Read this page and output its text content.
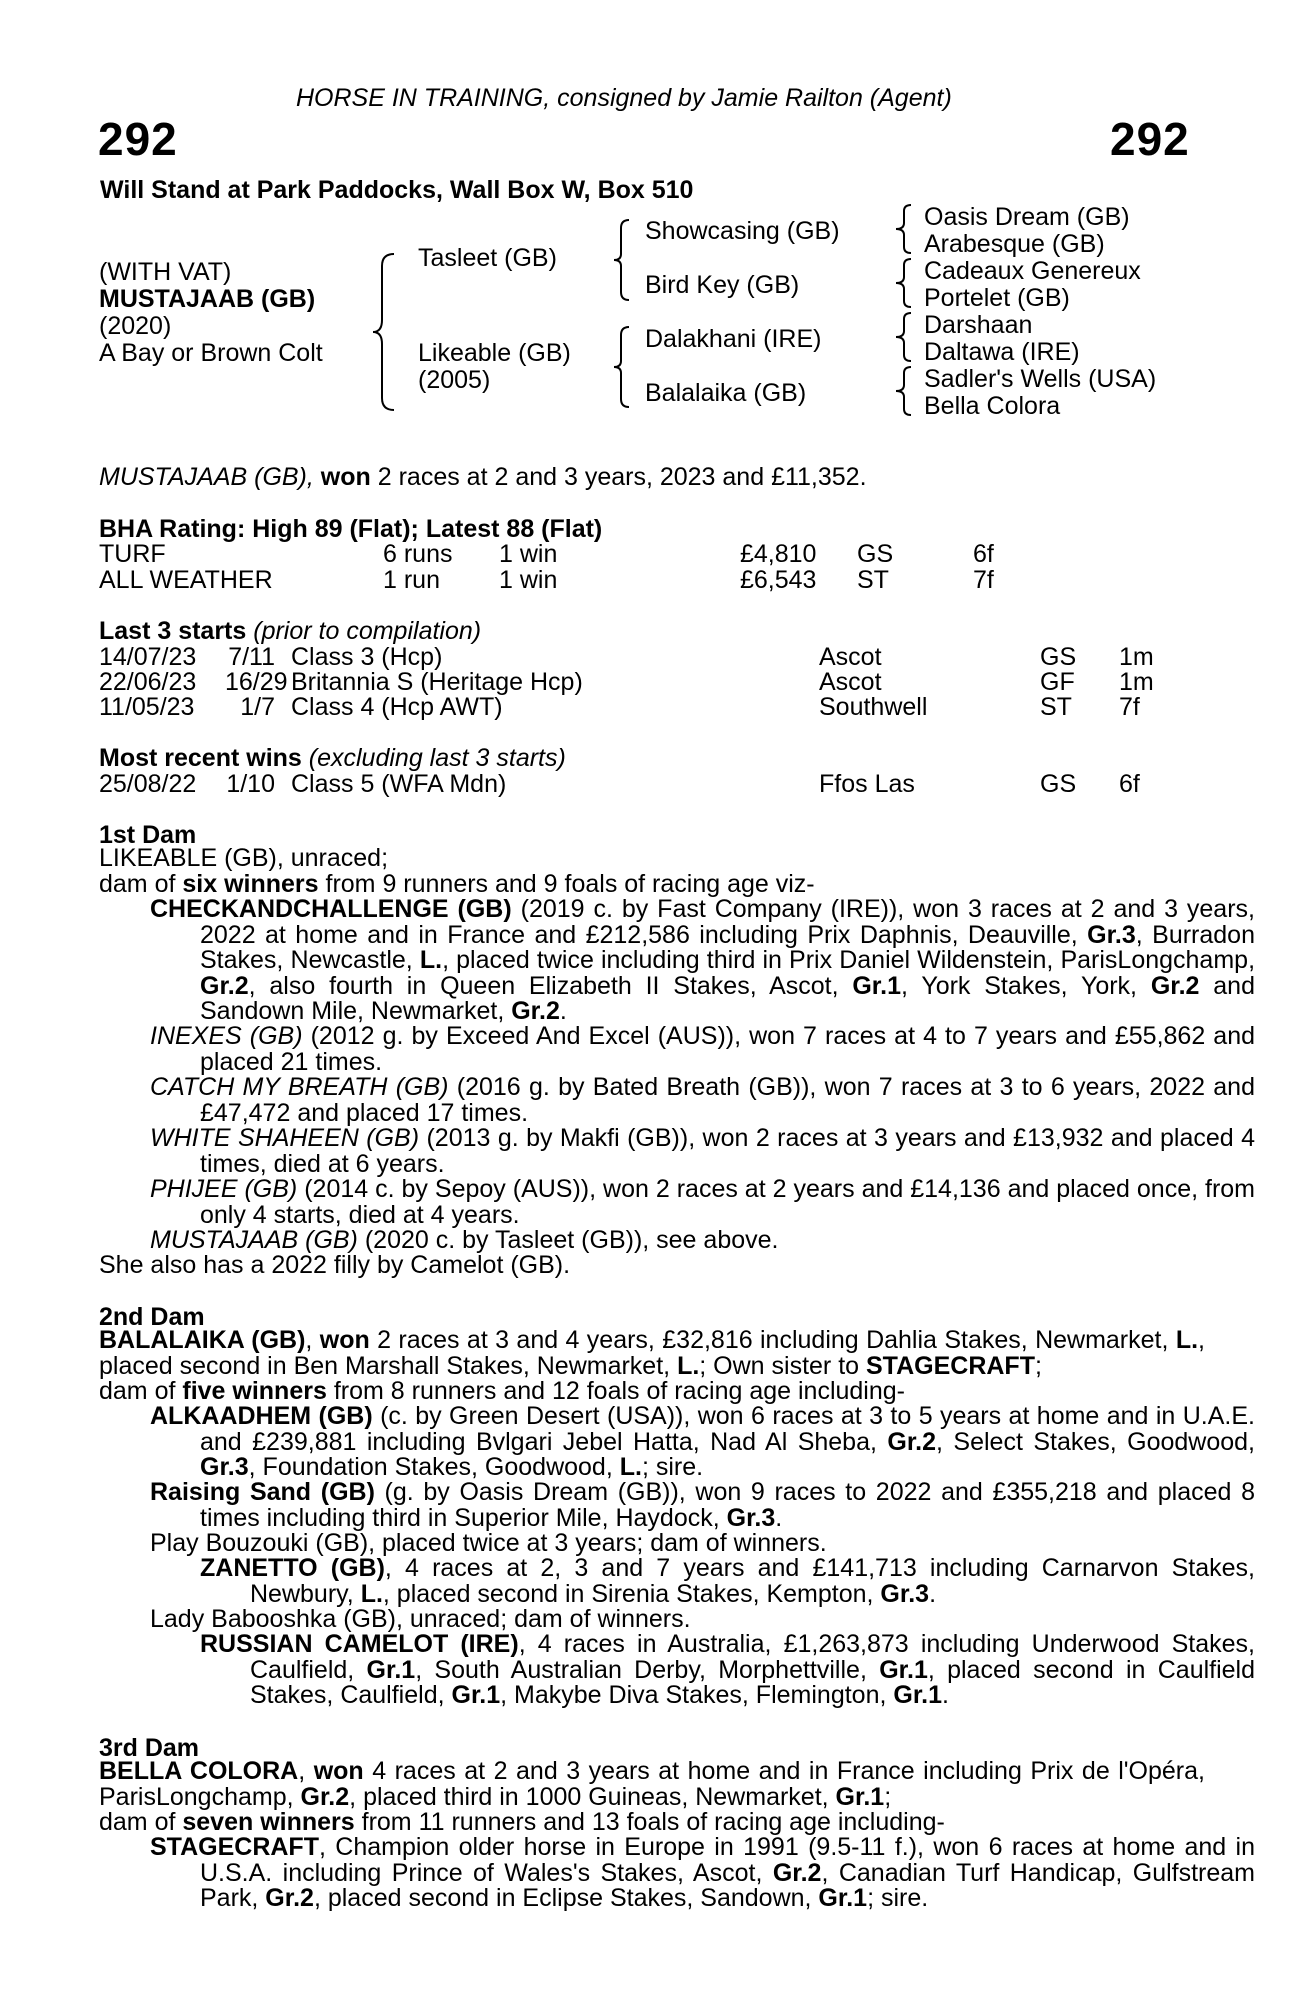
HORSE IN TRAINING, consigned by Jamie Railton (Agent)
292	292
Will Stand at Park Paddocks, Wall Box W, Box 510
(WITH VAT)
MUSTAJAAB (GB)
(2020)
A Bay or Brown Colt
Tasleet (GB)
Likeable (GB)
(2005)
Showcasing (GB)
Bird Key (GB)
Dalakhani (IRE)
Balalaika (GB)
Oasis Dream (GB)
Arabesque (GB)
Cadeaux Genereux
Portelet (GB)
Darshaan
Daltawa (IRE)
Sadler's Wells (USA)
Bella Colora
MUSTAJAAB (GB), won 2 races at 2 and 3 years, 2023 and £11,352.
BHA Rating: High 89 (Flat); Latest 88 (Flat)
TURF	6 runs 1 win	£4,810 GS	6f
ALL WEATHER	1 run 1 win	£6,543 ST	7f
Last 3 starts (prior to compilation)
14/07/23 7/11 Class 3 (Hcp)	Ascot	GS 1m
22/06/23 16/29 Britannia S (Heritage Hcp)	Ascot	GF 1m
11/05/23	1/7 Class 4 (Hcp AWT)	Southwell	ST 7f
Most recent wins (excluding last 3 starts)
25/08/22 1/10 Class 5 (WFA Mdn)	Ffos Las	GS 6f
1st Dam
LIKEABLE (GB), unraced;
dam of six winners from 9 runners and 9 foals of racing age viz-
CHECKANDCHALLENGE (GB) (2019 c. by Fast Company (IRE)), won 3 races at 2 and 3 years, 2022 at home and in France and £212,586 including Prix Daphnis, Deauville, Gr.3, Burradon Stakes, Newcastle, L., placed twice including third in Prix Daniel Wildenstein, ParisLongchamp, Gr.2, also fourth in Queen Elizabeth II Stakes, Ascot, Gr.1, York Stakes, York, Gr.2 and Sandown Mile, Newmarket, Gr.2.
INEXES (GB) (2012 g. by Exceed And Excel (AUS)), won 7 races at 4 to 7 years and £55,862 and placed 21 times.
CATCH MY BREATH (GB) (2016 g. by Bated Breath (GB)), won 7 races at 3 to 6 years, 2022 and £47,472 and placed 17 times.
WHITE SHAHEEN (GB) (2013 g. by Makfi (GB)), won 2 races at 3 years and £13,932 and placed 4 times, died at 6 years.
PHIJEE (GB) (2014 c. by Sepoy (AUS)), won 2 races at 2 years and £14,136 and placed once, from only 4 starts, died at 4 years.
MUSTAJAAB (GB) (2020 c. by Tasleet (GB)), see above.
She also has a 2022 filly by Camelot (GB).
2nd Dam
BALALAIKA (GB), won 2 races at 3 and 4 years, £32,816 including Dahlia Stakes, Newmarket, L., placed second in Ben Marshall Stakes, Newmarket, L.; Own sister to STAGECRAFT;
dam of five winners from 8 runners and 12 foals of racing age including-
ALKAADHEM (GB) (c. by Green Desert (USA)), won 6 races at 3 to 5 years at home and in U.A.E. and £239,881 including Bvlgari Jebel Hatta, Nad Al Sheba, Gr.2, Select Stakes, Goodwood, Gr.3, Foundation Stakes, Goodwood, L.; sire.
Raising Sand (GB) (g. by Oasis Dream (GB)), won 9 races to 2022 and £355,218 and placed 8 times including third in Superior Mile, Haydock, Gr.3.
Play Bouzouki (GB), placed twice at 3 years; dam of winners.
ZANETTO (GB), 4 races at 2, 3 and 7 years and £141,713 including Carnarvon Stakes, Newbury, L., placed second in Sirenia Stakes, Kempton, Gr.3.
Lady Babooshka (GB), unraced; dam of winners.
RUSSIAN CAMELOT (IRE), 4 races in Australia, £1,263,873 including Underwood Stakes, Caulfield, Gr.1, South Australian Derby, Morphettville, Gr.1, placed second in Caulfield Stakes, Caulfield, Gr.1, Makybe Diva Stakes, Flemington, Gr.1.
3rd Dam
BELLA COLORA, won 4 races at 2 and 3 years at home and in France including Prix de l'Opéra, ParisLongchamp, Gr.2, placed third in 1000 Guineas, Newmarket, Gr.1;
dam of seven winners from 11 runners and 13 foals of racing age including-
STAGECRAFT, Champion older horse in Europe in 1991 (9.5-11 f.), won 6 races at home and in U.S.A. including Prince of Wales's Stakes, Ascot, Gr.2, Canadian Turf Handicap, Gulfstream Park, Gr.2, placed second in Eclipse Stakes, Sandown, Gr.1; sire.
